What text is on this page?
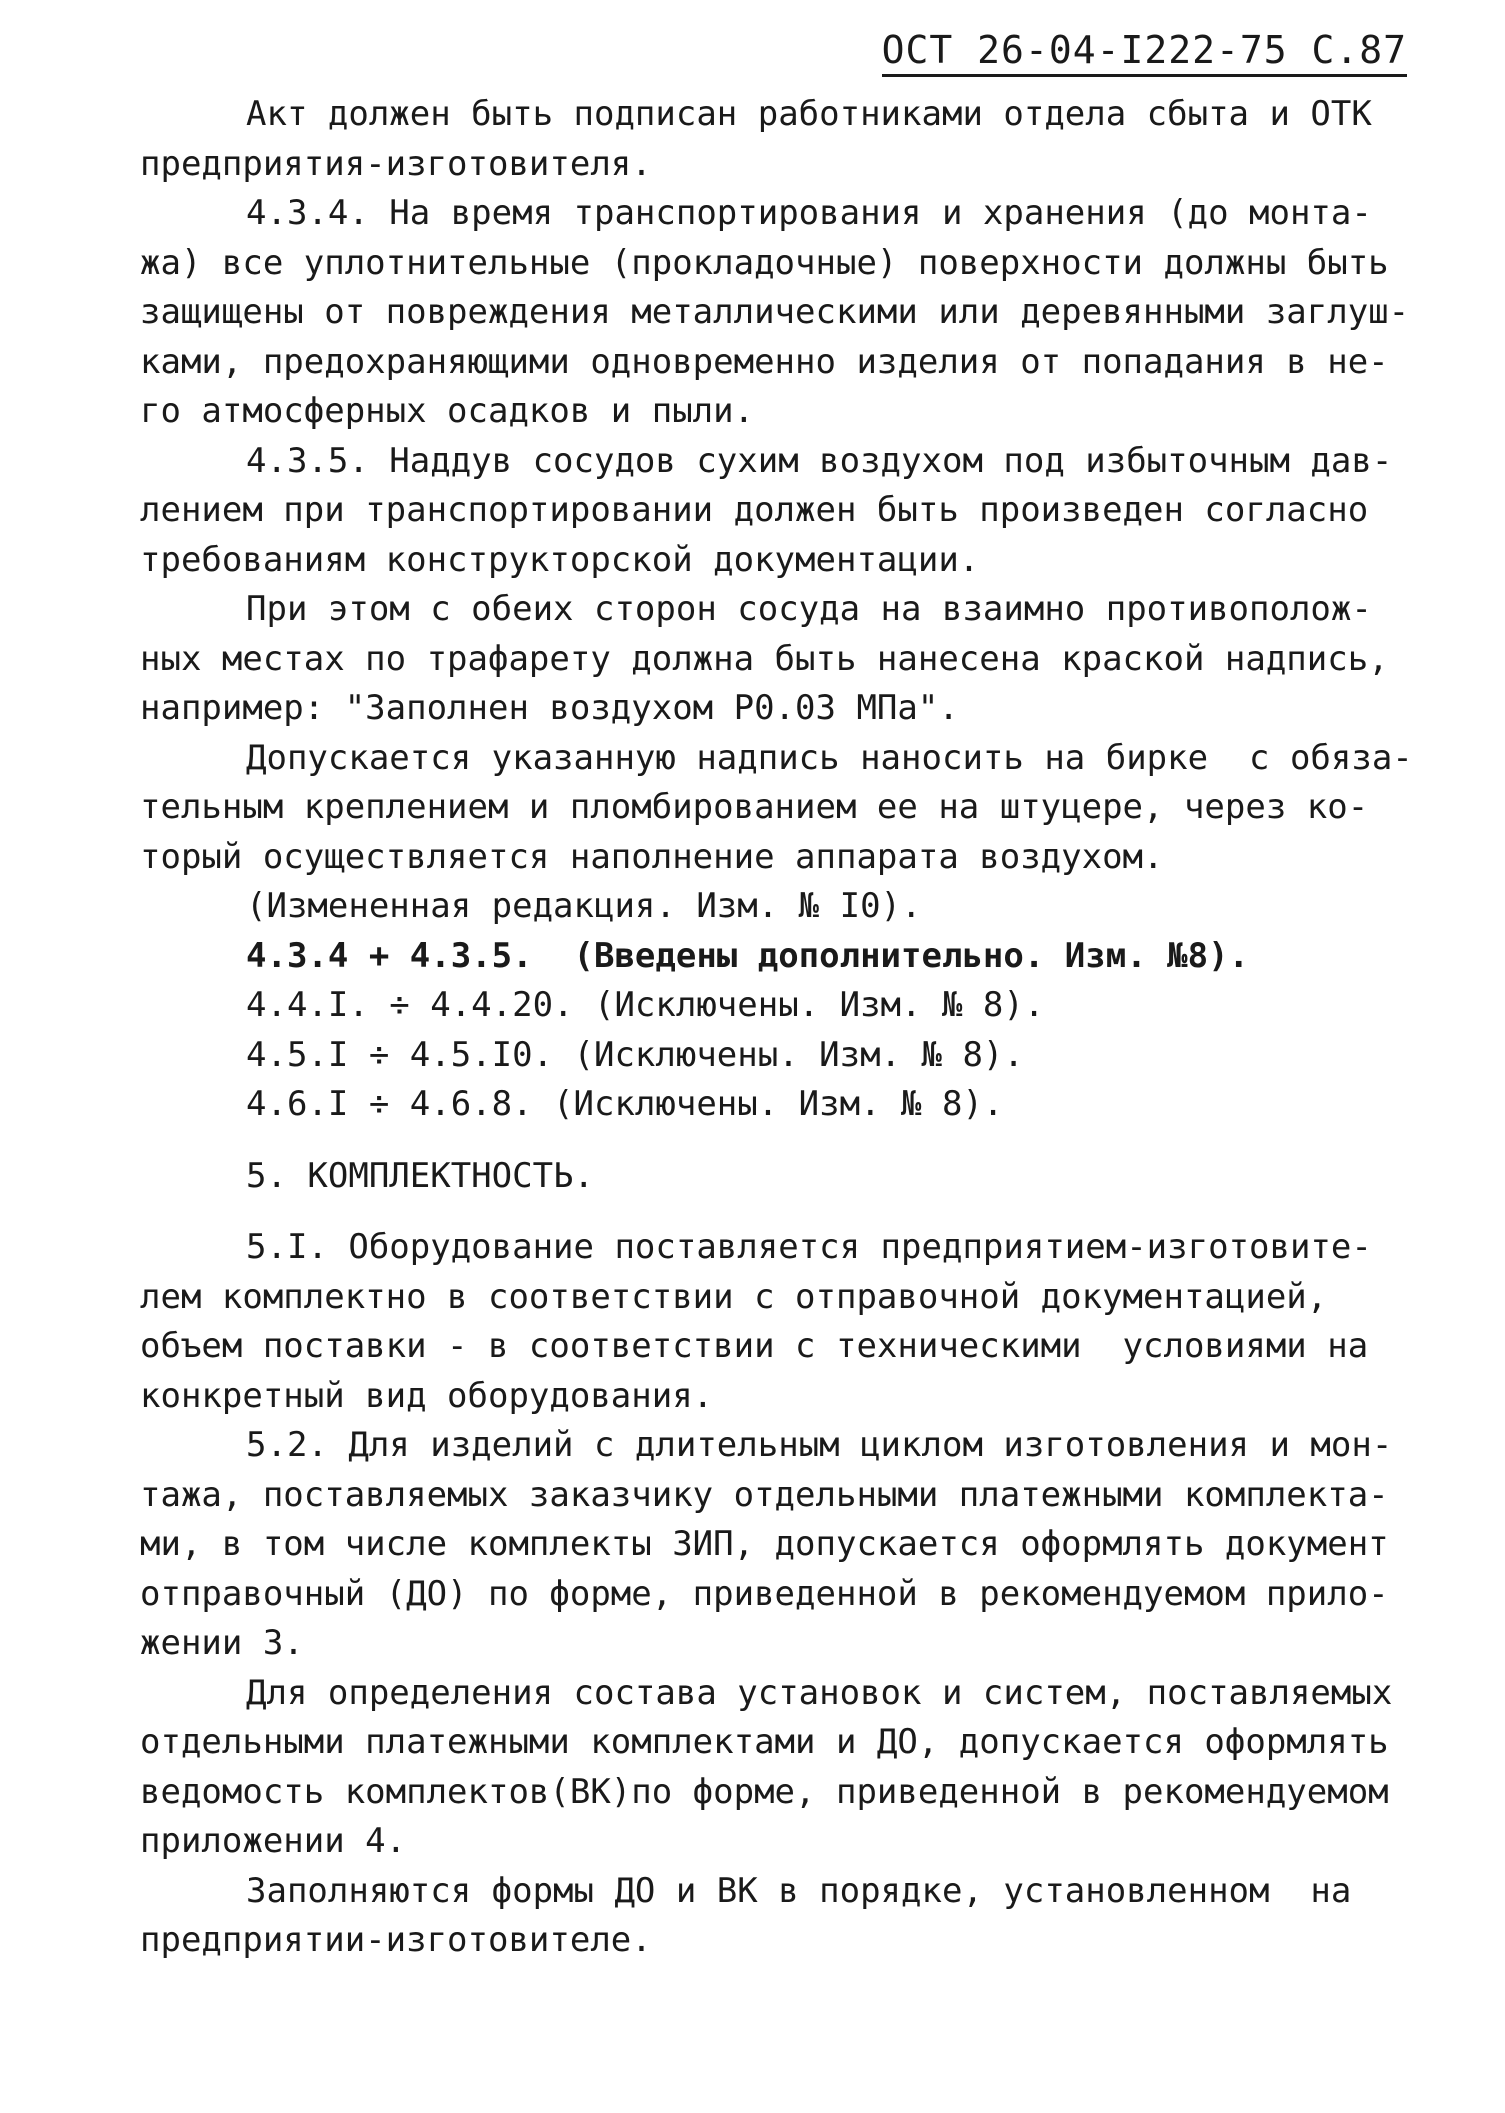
ОСТ 26-04-I222-75 С.87
Акт должен быть подписан работниками отдела сбыта и ОТК
предприятия-изготовителя.
4.3.4. На время транспортирования и хранения (до монта-
жа) все уплотнительные (прокладочные) поверхности должны быть
защищены от повреждения металлическими или деревянными заглуш-
ками, предохраняющими одновременно изделия от попадания в не-
го атмосферных осадков и пыли.
4.3.5. Наддув сосудов сухим воздухом под избыточным дав-
лением при транспортировании должен быть произведен согласно
требованиям конструкторской документации.
При этом с обеих сторон сосуда на взаимно противополож-
ных местах по трафарету должна быть нанесена краской надпись,
например: "Заполнен воздухом Р0.03 МПа".
Допускается указанную надпись наносить на бирке  с обяза-
тельным креплением и пломбированием ее на штуцере, через ко-
торый осуществляется наполнение аппарата воздухом.
(Измененная редакция. Изм. № I0).
4.3.4 + 4.3.5.  (Введены дополнительно. Изм. №8).
4.4.I. ÷ 4.4.20. (Исключены. Изм. № 8).
4.5.I ÷ 4.5.I0. (Исключены. Изм. № 8).
4.6.I ÷ 4.6.8. (Исключены. Изм. № 8).
5. КОМПЛЕКТНОСТЬ.
5.I. Оборудование поставляется предприятием-изготовите-
лем комплектно в соответствии с отправочной документацией,
объем поставки - в соответствии с техническими  условиями на
конкретный вид оборудования.
5.2. Для изделий с длительным циклом изготовления и мон-
тажа, поставляемых заказчику отдельными платежными комплекта-
ми, в том числе комплекты ЗИП, допускается оформлять документ
отправочный (ДО) по форме, приведенной в рекомендуемом прило-
жении 3.
Для определения состава установок и систем, поставляемых
отдельными платежными комплектами и ДО, допускается оформлять
ведомость комплектов(ВК)по форме, приведенной в рекомендуемом
приложении 4.
Заполняются формы ДО и ВК в порядке, установленном  на
предприятии-изготовителе.
